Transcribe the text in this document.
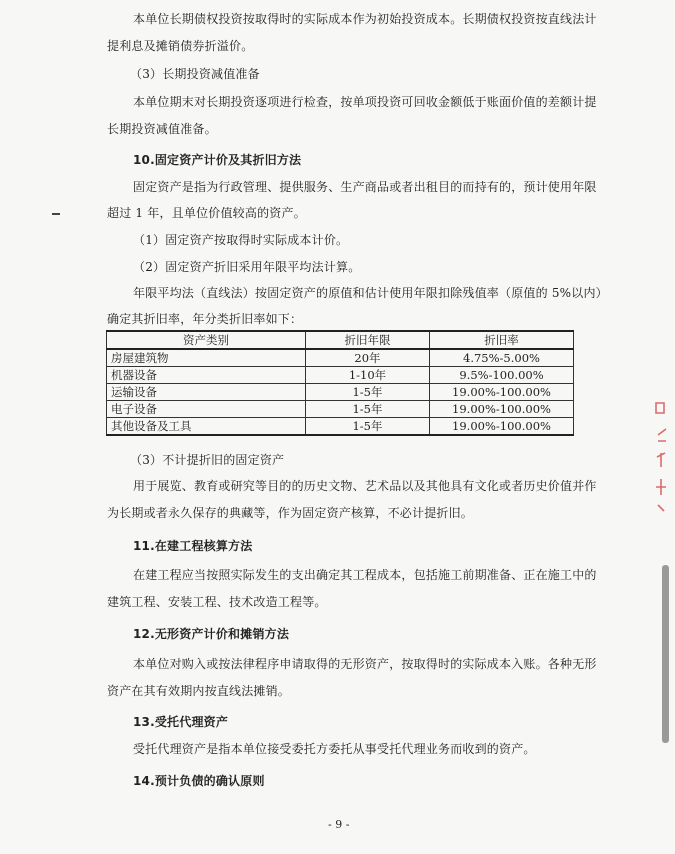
本单位长期债权投资按取得时的实际成本作为初始投资成本。长期债权投资按直线法计
提利息及摊销债券折溢价。
（3）长期投资减值准备
本单位期末对长期投资逐项进行检查，按单项投资可回收金额低于账面价值的差额计提
长期投资减值准备。
10.固定资产计价及其折旧方法
固定资产是指为行政管理、提供服务、生产商品或者出租目的而持有的，预计使用年限
超过 1 年，且单位价值较高的资产。
（1）固定资产按取得时实际成本计价。
（2）固定资产折旧采用年限平均法计算。
年限平均法（直线法）按固定资产的原值和估计使用年限扣除残值率（原值的 5%以内）
确定其折旧率，年分类折旧率如下：
资产类别	折旧年限	折旧率
房屋建筑物	20年	4.75%-5.00%
机器设备	1-10年	9.5%-100.00%
运输设备	1-5年	19.00%-100.00%
电子设备	1-5年	19.00%-100.00%
其他设备及工具	1-5年	19.00%-100.00%
（3）不计提折旧的固定资产
用于展览、教育或研究等目的的历史文物、艺术品以及其他具有文化或者历史价值并作
为长期或者永久保存的典藏等，作为固定资产核算，不必计提折旧。
11.在建工程核算方法
在建工程应当按照实际发生的支出确定其工程成本，包括施工前期准备、正在施工中的
建筑工程、安装工程、技术改造工程等。
12.无形资产计价和摊销方法
本单位对购入或按法律程序申请取得的无形资产，按取得时的实际成本入账。各种无形
资产在其有效期内按直线法摊销。
13.受托代理资产
受托代理资产是指本单位接受委托方委托从事受托代理业务而收到的资产。
14.预计负债的确认原则
- 9 -
